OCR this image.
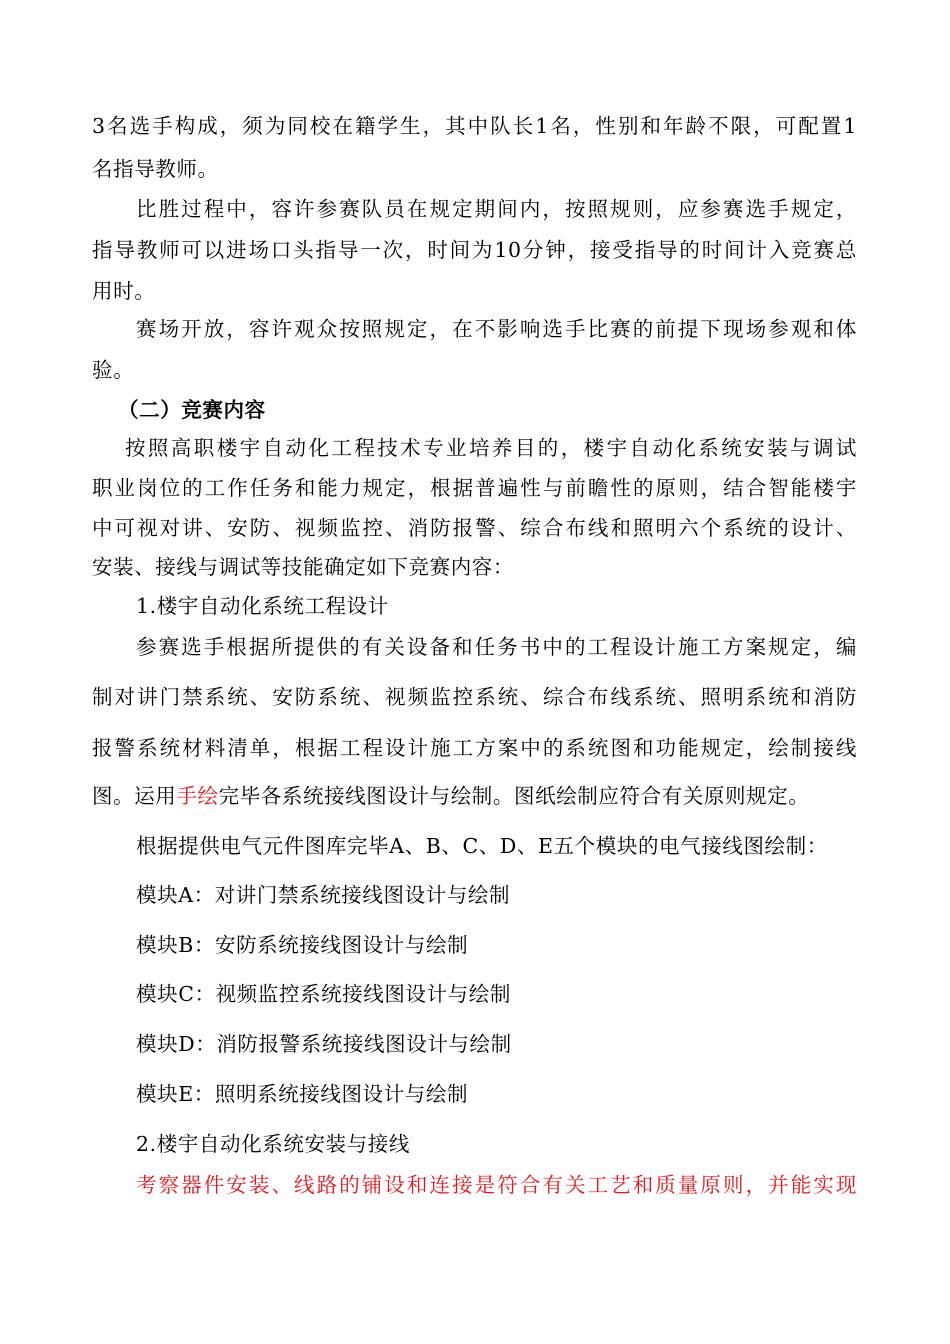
3名选手构成，须为同校在籍学生，其中队长1名，性别和年龄不限，可配置1
名指导教师。
比胜过程中，容许参赛队员在规定期间内，按照规则，应参赛选手规定，
指导教师可以进场口头指导一次，时间为10分钟，接受指导的时间计入竞赛总
用时。
赛场开放，容许观众按照规定，在不影响选手比赛的前提下现场参观和体
验。
（二）竞赛内容
按照高职楼宇自动化工程技术专业培养目的，楼宇自动化系统安装与调试
职业岗位的工作任务和能力规定，根据普遍性与前瞻性的原则，结合智能楼宇
中可视对讲、安防、视频监控、消防报警、综合布线和照明六个系统的设计、
安装、接线与调试等技能确定如下竞赛内容：
1.楼宇自动化系统工程设计
参赛选手根据所提供的有关设备和任务书中的工程设计施工方案规定，编
制对讲门禁系统、安防系统、视频监控系统、综合布线系统、照明系统和消防
报警系统材料清单，根据工程设计施工方案中的系统图和功能规定，绘制接线
图。运用手绘完毕各系统接线图设计与绘制。图纸绘制应符合有关原则规定。
根据提供电气元件图库完毕A、B、C、D、E五个模块的电气接线图绘制：
模块A：对讲门禁系统接线图设计与绘制
模块B：安防系统接线图设计与绘制
模块C：视频监控系统接线图设计与绘制
模块D：消防报警系统接线图设计与绘制
模块E：照明系统接线图设计与绘制
2.楼宇自动化系统安装与接线
考察器件安装、线路的铺设和连接是符合有关工艺和质量原则，并能实现
